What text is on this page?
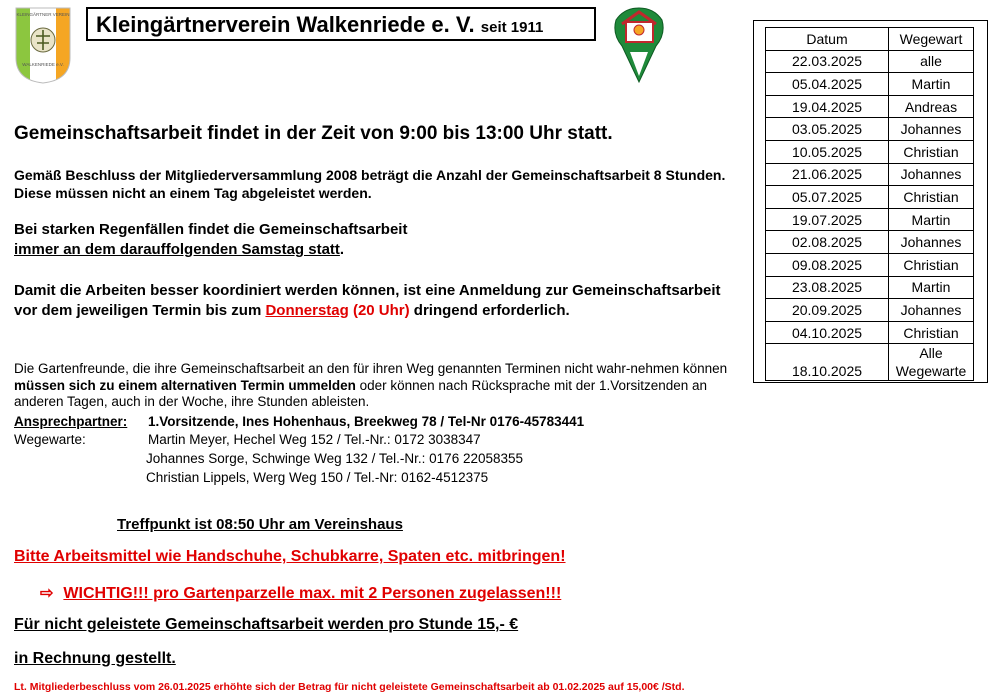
KLEINGÄRTNER VEREIN
WALKENRIEDE e.V.
Kleingärtnerverein Walkenriede e. V. seit 1911
Datum	Wegewart
22.03.2025	alle
05.04.2025	Martin
19.04.2025	Andreas
03.05.2025	Johannes
10.05.2025	Christian
21.06.2025	Johannes
05.07.2025	Christian
19.07.2025	Martin
02.08.2025	Johannes
09.08.2025	Christian
23.08.2025	Martin
20.09.2025	Johannes
04.10.2025	Christian
18.10.2025	Alle Wegewarte
Gemeinschaftsarbeit findet in der Zeit von 9:00 bis 13:00 Uhr statt.
Gemäß Beschluss der Mitgliederversammlung 2008 beträgt die Anzahl der Gemeinschaftsarbeit 8 Stunden. Diese müssen nicht an einem Tag abgeleistet werden.
Bei starken Regenfällen findet die Gemeinschaftsarbeit
immer an dem darauffolgenden Samstag statt.
Damit die Arbeiten besser koordiniert werden können, ist eine Anmeldung zur Gemeinschaftsarbeit vor dem jeweiligen Termin bis zum Donnerstag (20 Uhr) dringend erforderlich.
Die Gartenfreunde, die ihre Gemeinschaftsarbeit an den für ihren Weg genannten Terminen nicht wahr-nehmen können müssen sich zu einem alternativen Termin ummelden oder können nach Rücksprache mit der 1.Vorsitzenden an anderen Tagen, auch in der Woche, ihre Stunden ableisten.
Ansprechpartner: 1.Vorsitzende, Ines Hohenhaus, Breekweg 78 / Tel-Nr 0176-45783441
Wegewarte:	Martin Meyer, Hechel Weg 152 / Tel.-Nr.: 0172 3038347
Johannes Sorge, Schwinge Weg 132 / Tel.-Nr.: 0176 22058355
Christian Lippels, Werg Weg 150 / Tel.-Nr: 0162-4512375
Treffpunkt ist 08:50 Uhr am Vereinshaus
Bitte Arbeitsmittel wie Handschuhe, Schubkarre, Spaten etc. mitbringen!
⇨ WICHTIG!!! pro Gartenparzelle max. mit 2 Personen zugelassen!!!
Für nicht geleistete Gemeinschaftsarbeit werden pro Stunde 15,- €
in Rechnung gestellt.
Lt. Mitgliederbeschluss vom 26.01.2025 erhöhte sich der Betrag für nicht geleistete Gemeinschaftsarbeit ab 01.02.2025 auf 15,00€ /Std.
